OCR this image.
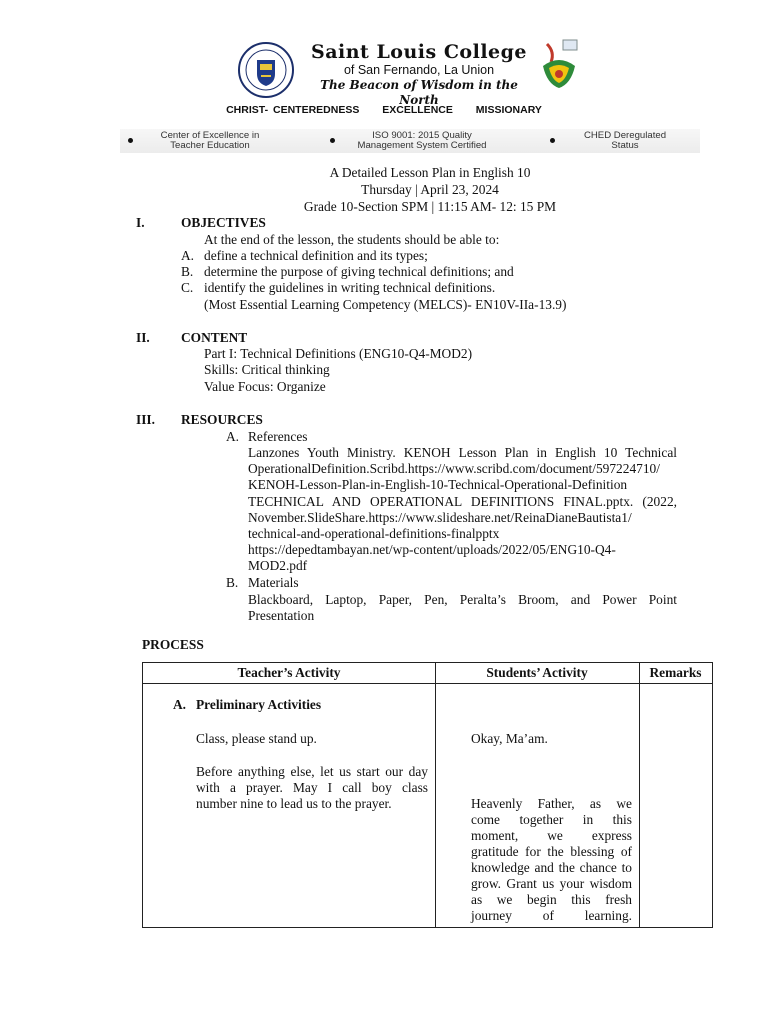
Saint Louis College
of San Fernando, La Union
The Beacon of Wisdom in the North
CHRIST- CENTEREDNESS EXCELLENCE MISSIONARY
Center of Excellence in
Teacher Education
ISO 9001: 2015 Quality
Management System Certified
CHED Deregulated
Status
A Detailed Lesson Plan in English 10
Thursday | April 23, 2024
Grade 10-Section SPM | 11:15 AM- 12: 15 PM
I.	OBJECTIVES
At the end of the lesson, the students should be able to:
A. define a technical definition and its types;
B. determine the purpose of giving technical definitions; and
C. identify the guidelines in writing technical definitions.
(Most Essential Learning Competency (MELCS)- EN10V-IIa-13.9)
II. CONTENT
Part I: Technical Definitions (ENG10-Q4-MOD2)
Skills: Critical thinking
Value Focus: Organize
III. RESOURCES
A. References
Lanzones Youth Ministry. KENOH Lesson Plan in English 10 Technical
OperationalDefinition.Scribd.https://www.scribd.com/document/597224710/
KENOH-Lesson-Plan-in-English-10-Technical-Operational-Definition
TECHNICAL AND OPERATIONAL DEFINITIONS FINAL.pptx. (2022,
November.SlideShare.https://www.slideshare.net/ReinaDianeBautista1/
technical-and-operational-definitions-finalpptx
https://depedtambayan.net/wp-content/uploads/2022/05/ENG10-Q4-
MOD2.pdf
B. Materials
Blackboard, Laptop, Paper, Pen, Peralta’s Broom, and Power Point
Presentation
PROCESS
Teacher’s Activity	Students’ Activity	Remarks
A. Preliminary Activities
Class, please stand up.	Okay, Ma’am.
Before anything else, let us start our day
with a prayer. May I call boy class
number nine to lead us to the prayer.	Heavenly Father, as we
come together in this
moment, we express
gratitude for the blessing of
knowledge and the chance to
grow. Grant us your wisdom
as we begin this fresh
journey of learning.
